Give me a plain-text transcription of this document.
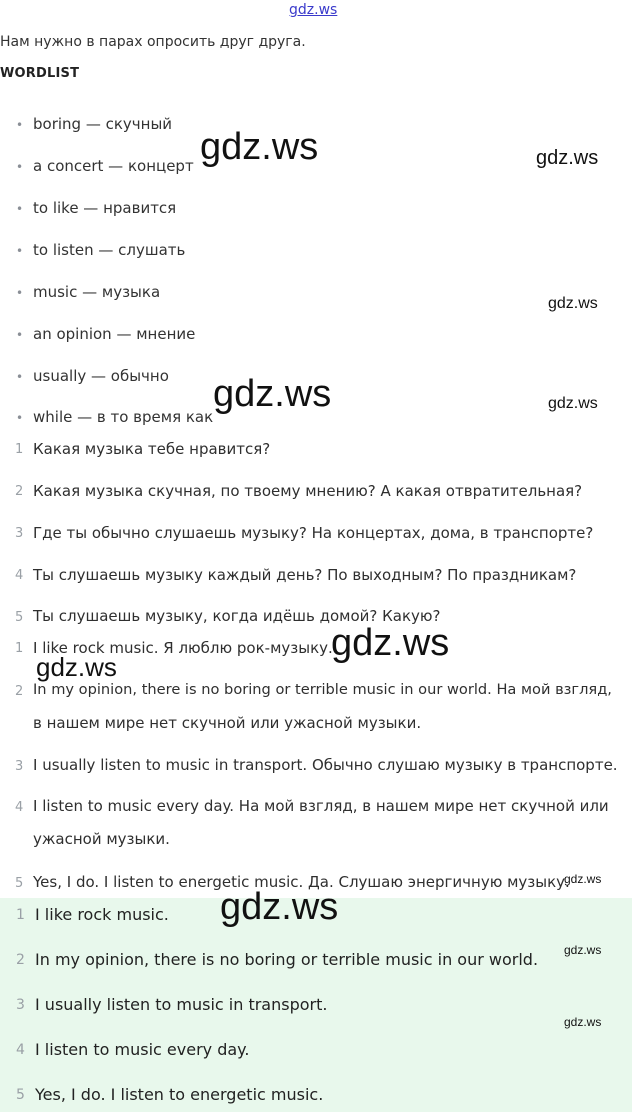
gdz.ws
Нам нужно в парах опросить друг друга.
WORDLIST
• boring — скучный
• a concert — концерт
• to like — нравится
• to listen — слушать
• music — музыка
• an opinion — мнение
• usually — обычно
• while — в то время как
1 Какая музыка тебе нравится?
2 Какая музыка скучная, по твоему мнению? А какая отвратительная?
3 Где ты обычно слушаешь музыку? На концертах, дома, в транспорте?
4 Ты слушаешь музыку каждый день? По выходным? По праздникам?
5 Ты слушаешь музыку, когда идёшь домой? Какую?
1 I like rock music. Я люблю рок-музыку.
2 In my opinion, there is no boring or terrible music in our world. На мой взгляд,
в нашем мире нет скучной или ужасной музыки.
3 I usually listen to music in transport. Обычно слушаю музыку в транспорте.
4 I listen to music every day. На мой взгляд, в нашем мире нет скучной или
ужасной музыки.
5 Yes, I do. I listen to energetic music. Да. Слушаю энергичную музыку.
1 I like rock music.
2 In my opinion, there is no boring or terrible music in our world.
3 I usually listen to music in transport.
4 I listen to music every day.
5 Yes, I do. I listen to energetic music.
gdz.ws	gdz.ws
gdz.ws
gdz.ws	gdz.ws
gdz.ws
gdz.ws
gdz.ws
gdz.ws
gdz.ws
gdz.ws
